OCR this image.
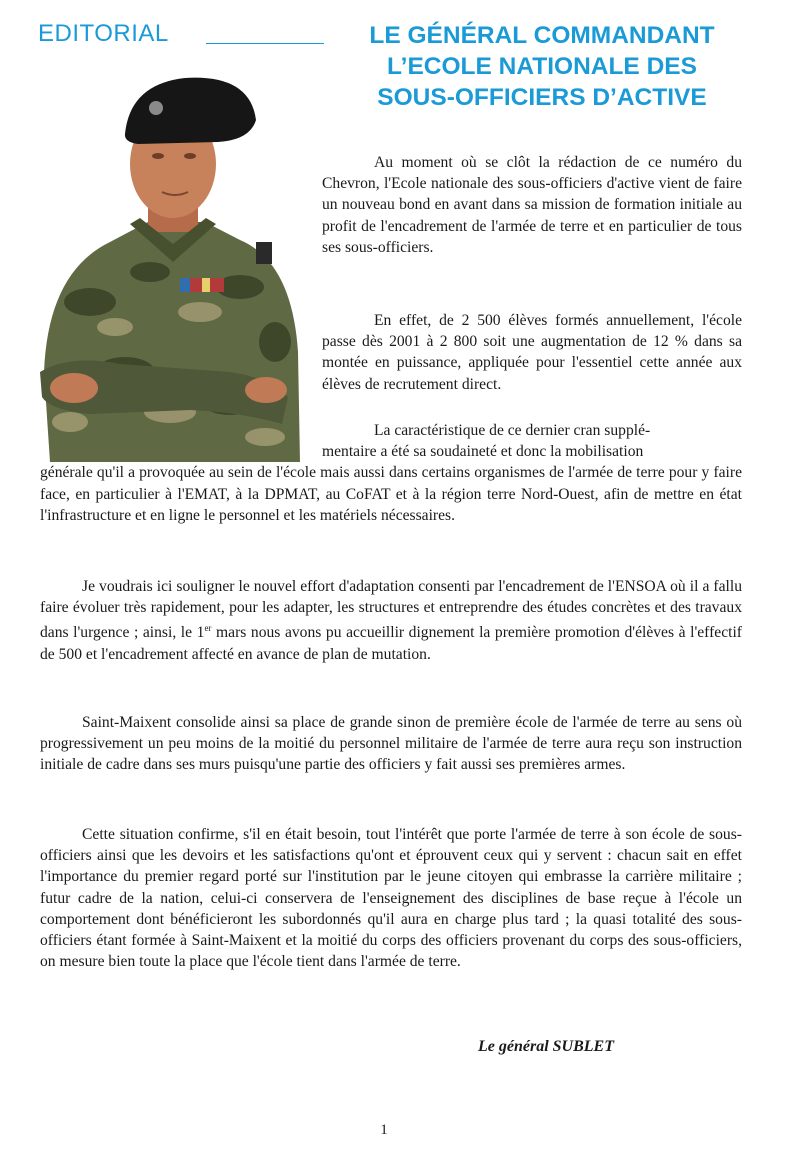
EDITORIAL	LE GÉNÉRAL COMMANDANT
L’ECOLE NATIONALE DES
SOUS-OFFICIERS D’ACTIVE

Au moment où se clôt la rédaction de ce numéro du Chevron, l'Ecole nationale des sous-officiers d'active vient de faire un nouveau bond en avant dans sa mission de formation initiale au profit de l'encadrement de l'armée de terre et en particulier de tous ses sous-officiers.

En effet, de 2 500 élèves formés annuellement, l'école passe dès 2001 à 2 800 soit une augmentation de 12 % dans sa montée en puissance, appliquée pour l'essentiel cette année aux élèves de recrutement direct.

La caractéristique de ce dernier cran supplé-
mentaire a été sa soudaineté et donc la mobilisation
générale qu'il a provoquée au sein de l'école mais aussi dans certains organismes de l'armée de terre pour y faire face, en particulier à l'EMAT, à la DPMAT, au CoFAT et à la région terre Nord-Ouest, afin de mettre en état l'infrastructure et en ligne le personnel et les matériels nécessaires.

Je voudrais ici souligner le nouvel effort d'adaptation consenti par l'encadrement de l'ENSOA où il a fallu faire évoluer très rapidement, pour les adapter, les structures et entreprendre des études concrètes et des travaux dans l'urgence ; ainsi, le 1er mars nous avons pu accueillir dignement la première promotion d'élèves à l'effectif de 500 et l'encadrement affecté en avance de plan de mutation.

Saint-Maixent consolide ainsi sa place de grande sinon de première école de l'armée de terre au sens où progressivement un peu moins de la moitié du personnel militaire de l'armée de terre aura reçu son instruction initiale de cadre dans ses murs puisqu'une partie des officiers y fait aussi ses premières armes.

Cette situation confirme, s'il en était besoin, tout l'intérêt que porte l'armée de terre à son école de sous-officiers ainsi que les devoirs et les satisfactions qu'ont et éprouvent ceux qui y servent : chacun sait en effet l'importance du premier regard porté sur l'institution par le jeune citoyen qui embrasse la carrière militaire ; futur cadre de la nation, celui-ci conservera de l'enseignement des disciplines de base reçue à l'école un comportement dont bénéficieront les subordonnés qu'il aura en charge plus tard ; la quasi totalité des sous-officiers étant formée à Saint-Maixent et la moitié du corps des officiers provenant du corps des sous-officiers, on mesure bien toute la place que l'école tient dans l'armée de terre.

Le général SUBLET
1
